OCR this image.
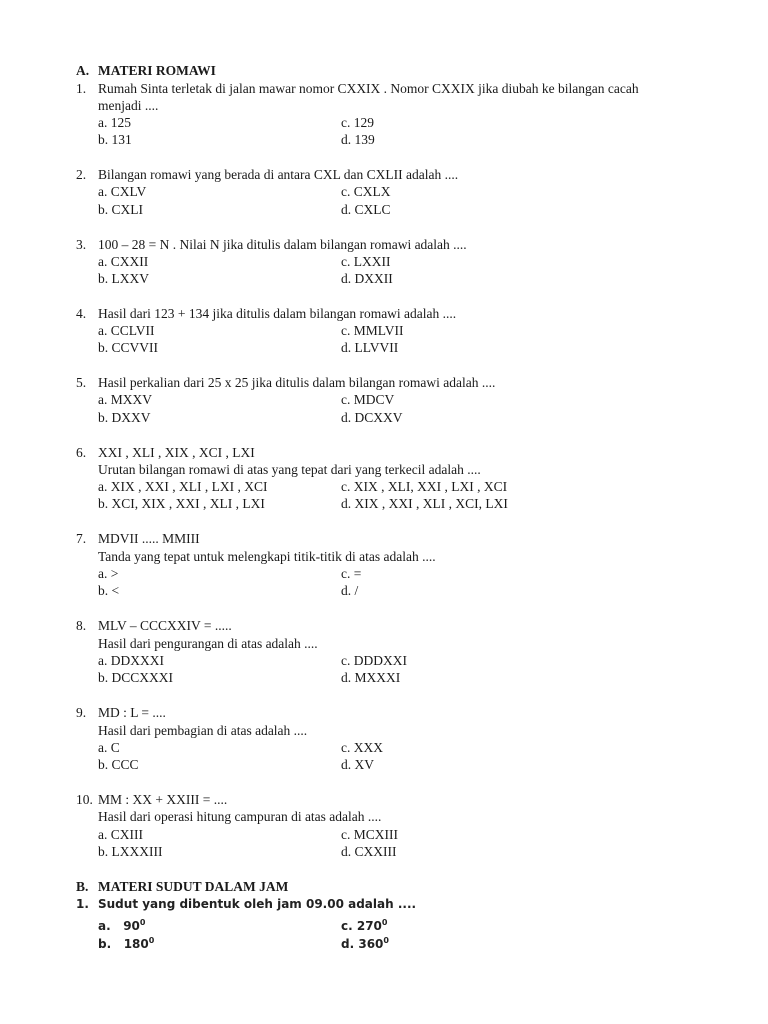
A. MATERI ROMAWI
1. Rumah Sinta terletak di jalan mawar nomor CXXIX . Nomor CXXIX jika diubah ke bilangan cacah
menjadi ....
a. 125	c. 129
b. 131	d. 139
2. Bilangan romawi yang berada di antara CXL dan CXLII adalah ....
a. CXLV	c. CXLX
b. CXLI	d. CXLC
3. 100 – 28 = N . Nilai N jika ditulis dalam bilangan romawi adalah ....
a. CXXII	c. LXXII
b. LXXV	d. DXXII
4. Hasil dari 123 + 134 jika ditulis dalam bilangan romawi adalah ....
a. CCLVII	c. MMLVII
b. CCVVII	d. LLVVII
5. Hasil perkalian dari 25 x 25 jika ditulis dalam bilangan romawi adalah ....
a. MXXV	c. MDCV
b. DXXV	d. DCXXV
6. XXI , XLI , XIX , XCI , LXI
Urutan bilangan romawi di atas yang tepat dari yang terkecil adalah ....
a. XIX , XXI , XLI , LXI , XCI	c. XIX , XLI, XXI , LXI , XCI
b. XCI, XIX , XXI , XLI , LXI	d. XIX , XXI , XLI , XCI, LXI
7. MDVII ..... MMIII
Tanda yang tepat untuk melengkapi titik-titik di atas adalah ....
a. >	c. =
b. <	d. /
8. MLV – CCCXXIV = .....
Hasil dari pengurangan di atas adalah ....
a. DDXXXI	c. DDDXXI
b. DCCXXXI	d. MXXXI
9. MD : L = ....
Hasil dari pembagian di atas adalah ....
a. C	c. XXX
b. CCC	d. XV
10. MM : XX + XXIII = ....
Hasil dari operasi hitung campuran di atas adalah ....
a. CXIII	c. MCXIII
b. LXXXIII	d. CXXIII
B. MATERI SUDUT DALAM JAM
1. Sudut yang dibentuk oleh jam 09.00 adalah ....
a. $90^0$	c. $270^0$
b. $180^0$	d. $360^0$
